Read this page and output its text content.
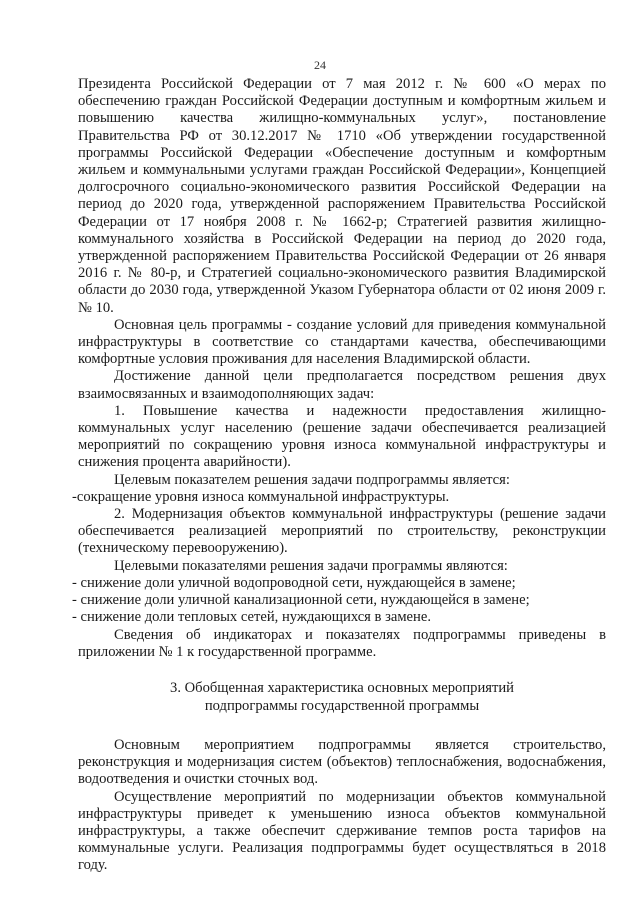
24

Президента Российской Федерации от 7 мая 2012 г. № 600 «О мерах по обеспечению граждан Российской Федерации доступным и комфортным жильем и повышению качества жилищно-коммунальных услуг», постановление Правительства РФ от 30.12.2017 № 1710 «Об утверждении государственной программы Российской Федерации «Обеспечение доступным и комфортным жильем и коммунальными услугами граждан Российской Федерации», Концепцией долгосрочного социально-экономического развития Российской Федерации на период до 2020 года, утвержденной распоряжением Правительства Российской Федерации от 17 ноября 2008 г. № 1662-р; Стратегией развития жилищно-коммунального хозяйства в Российской Федерации на период до 2020 года, утвержденной распоряжением Правительства Российской Федерации от 26 января 2016 г. № 80-р, и Стратегией социально-экономического развития Владимирской области до 2030 года, утвержденной Указом Губернатора области от 02 июня 2009 г. № 10.

Основная цель программы - создание условий для приведения коммунальной инфраструктуры в соответствие со стандартами качества, обеспечивающими комфортные условия проживания для населения Владимирской области.

Достижение данной цели предполагается посредством решения двух взаимосвязанных и взаимодополняющих задач:

1. Повышение качества и надежности предоставления жилищно-коммунальных услуг населению (решение задачи обеспечивается реализацией мероприятий по сокращению уровня износа коммунальной инфраструктуры и снижения процента аварийности).

Целевым показателем решения задачи подпрограммы является:

-сокращение уровня износа коммунальной инфраструктуры.

2. Модернизация объектов коммунальной инфраструктуры (решение задачи обеспечивается реализацией мероприятий по строительству, реконструкции (техническому перевооружению).

Целевыми показателями решения задачи программы являются:

- снижение доли уличной водопроводной сети, нуждающейся в замене;

- снижение доли уличной канализационной сети, нуждающейся в замене;

- снижение доли тепловых сетей, нуждающихся в замене.

Сведения об индикаторах и показателях подпрограммы приведены в приложении № 1 к государственной программе.

3. Обобщенная характеристика основных мероприятий
подпрограммы государственной программы

Основным мероприятием подпрограммы является строительство, реконструкция и модернизация систем (объектов) теплоснабжения, водоснабжения, водоотведения и очистки сточных вод.

Осуществление мероприятий по модернизации объектов коммунальной инфраструктуры приведет к уменьшению износа объектов коммунальной инфраструктуры, а также обеспечит сдерживание темпов роста тарифов на коммунальные услуги. Реализация подпрограммы будет осуществляться в 2018 году.
